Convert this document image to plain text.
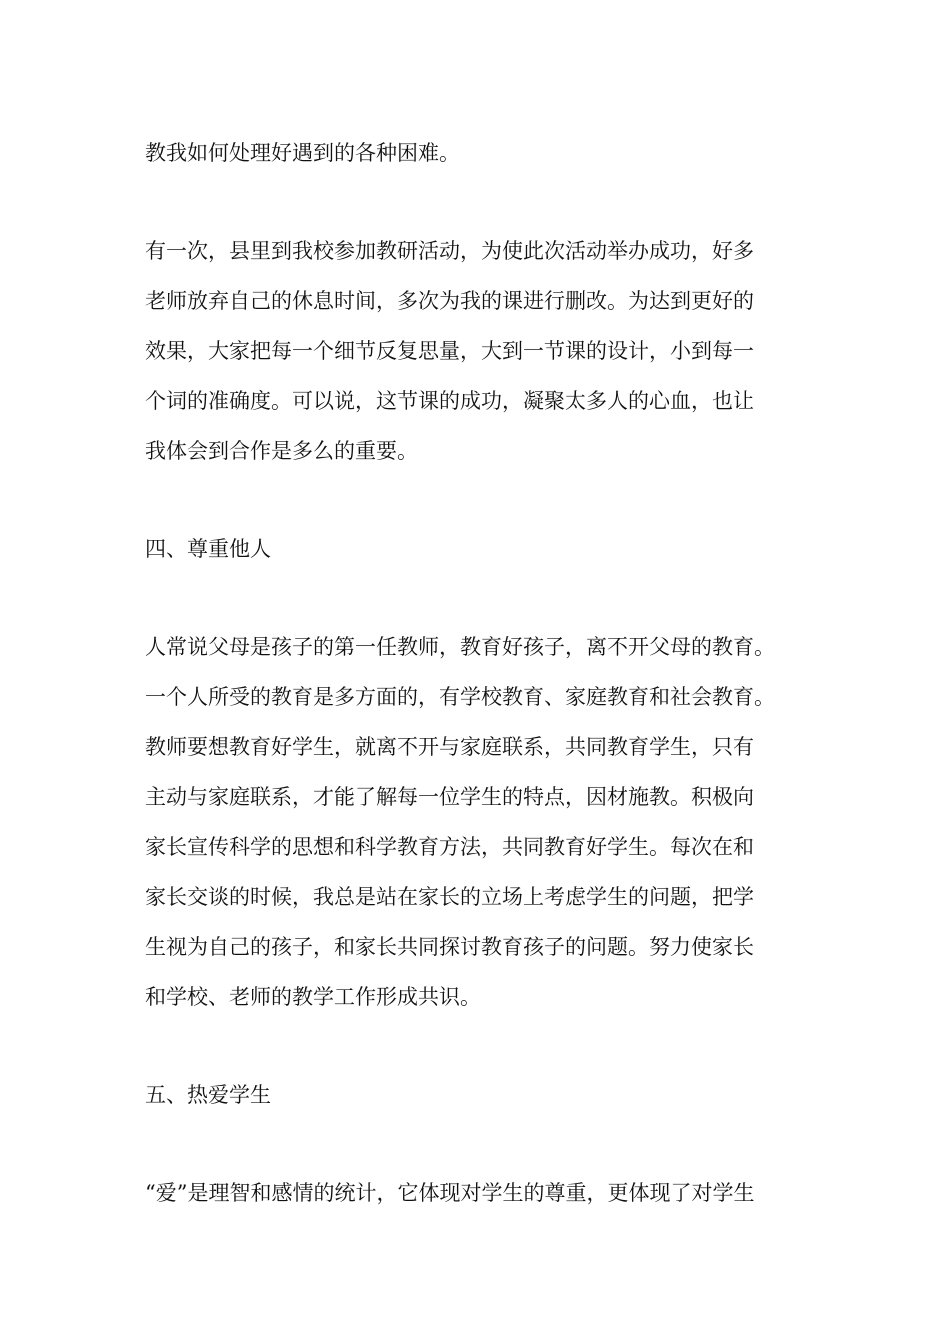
教我如何处理好遇到的各种困难。
有一次，县里到我校参加教研活动，为使此次活动举办成功，好多
老师放弃自己的休息时间，多次为我的课进行删改。为达到更好的
效果，大家把每一个细节反复思量，大到一节课的设计，小到每一
个词的准确度。可以说，这节课的成功，凝聚太多人的心血，也让
我体会到合作是多么的重要。
四、尊重他人
人常说父母是孩子的第一任教师，教育好孩子，离不开父母的教育。
一个人所受的教育是多方面的，有学校教育、家庭教育和社会教育。
教师要想教育好学生，就离不开与家庭联系，共同教育学生，只有
主动与家庭联系，才能了解每一位学生的特点，因材施教。积极向
家长宣传科学的思想和科学教育方法，共同教育好学生。每次在和
家长交谈的时候，我总是站在家长的立场上考虑学生的问题，把学
生视为自己的孩子，和家长共同探讨教育孩子的问题。努力使家长
和学校、老师的教学工作形成共识。
五、热爱学生
“爱”是理智和感情的统计，它体现对学生的尊重，更体现了对学生
